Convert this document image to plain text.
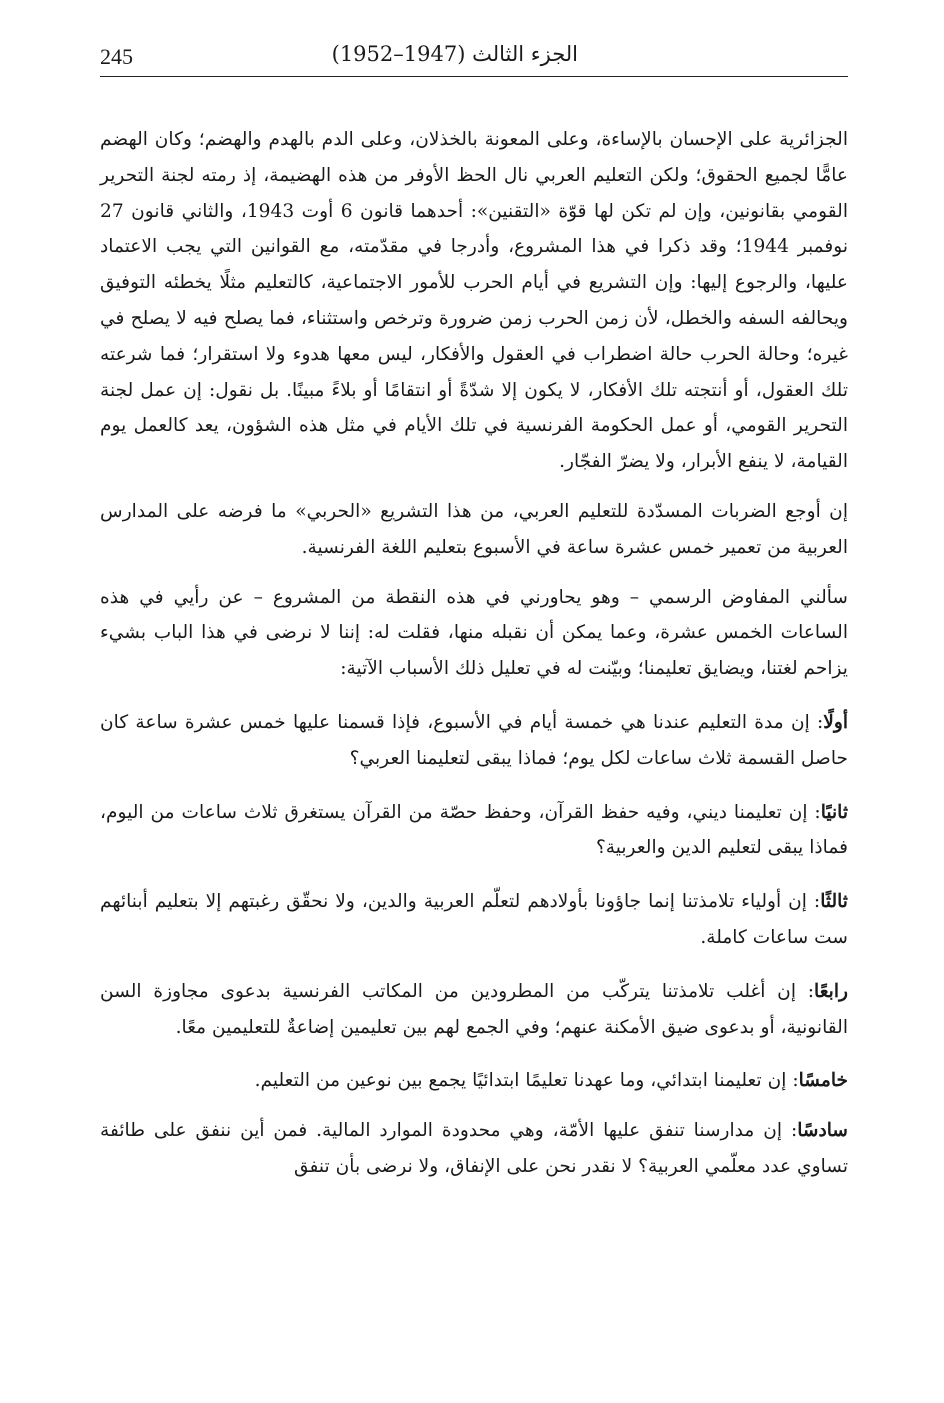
245	الجزء الثالث (1947–1952)

الجزائرية على الإحسان بالإساءة، وعلى المعونة بالخذلان، وعلى الدم بالهدم والهضم؛ وكان الهضم عامًّا لجميع الحقوق؛ ولكن التعليم العربي نال الحظ الأوفر من هذه الهضيمة، إذ رمته لجنة التحرير القومي بقانونين، وإن لم تكن لها قوّة «التقنين»: أحدهما قانون 6 أوت 1943، والثاني قانون 27 نوفمبر 1944؛ وقد ذكرا في هذا المشروع، وأدرجا في مقدّمته، مع القوانين التي يجب الاعتماد عليها، والرجوع إليها: وإن التشريع في أيام الحرب للأمور الاجتماعية، كالتعليم مثلًا يخطئه التوفيق ويحالفه السفه والخطل، لأن زمن الحرب زمن ضرورة وترخص واستثناء، فما يصلح فيه لا يصلح في غيره؛ وحالة الحرب حالة اضطراب في العقول والأفكار، ليس معها هدوء ولا استقرار؛ فما شرعته تلك العقول، أو أنتجته تلك الأفكار، لا يكون إلا شدّةً أو انتقامًا أو بلاءً مبينًا. بل نقول: إن عمل لجنة التحرير القومي، أو عمل الحكومة الفرنسية في تلك الأيام في مثل هذه الشؤون، يعد كالعمل يوم القيامة، لا ينفع الأبرار، ولا يضرّ الفجّار.

إن أوجع الضربات المسدّدة للتعليم العربي، من هذا التشريع «الحربي» ما فرضه على المدارس العربية من تعمير خمس عشرة ساعة في الأسبوع بتعليم اللغة الفرنسية.

سألني المفاوض الرسمي – وهو يحاورني في هذه النقطة من المشروع – عن رأيي في هذه الساعات الخمس عشرة، وعما يمكن أن نقبله منها، فقلت له: إننا لا نرضى في هذا الباب بشيء يزاحم لغتنا، ويضايق تعليمنا؛ وبيّنت له في تعليل ذلك الأسباب الآتية:

أولًا: إن مدة التعليم عندنا هي خمسة أيام في الأسبوع، فإذا قسمنا عليها خمس عشرة ساعة كان حاصل القسمة ثلاث ساعات لكل يوم؛ فماذا يبقى لتعليمنا العربي؟

ثانيًا: إن تعليمنا ديني، وفيه حفظ القرآن، وحفظ حصّة من القرآن يستغرق ثلاث ساعات من اليوم، فماذا يبقى لتعليم الدين والعربية؟

ثالثًا: إن أولياء تلامذتنا إنما جاؤونا بأولادهم لتعلّم العربية والدين، ولا نحقّق رغبتهم إلا بتعليم أبنائهم ست ساعات كاملة.

رابعًا: إن أغلب تلامذتنا يتركّب من المطرودين من المكاتب الفرنسية بدعوى مجاوزة السن القانونية، أو بدعوى ضيق الأمكنة عنهم؛ وفي الجمع لهم بين تعليمين إضاعةٌ للتعليمين معًا.

خامسًا: إن تعليمنا ابتدائي، وما عهدنا تعليمًا ابتدائيًا يجمع بين نوعين من التعليم.

سادسًا: إن مدارسنا تنفق عليها الأمّة، وهي محدودة الموارد المالية. فمن أين ننفق على طائفة تساوي عدد معلّمي العربية؟ لا نقدر نحن على الإنفاق، ولا نرضى بأن تنفق
